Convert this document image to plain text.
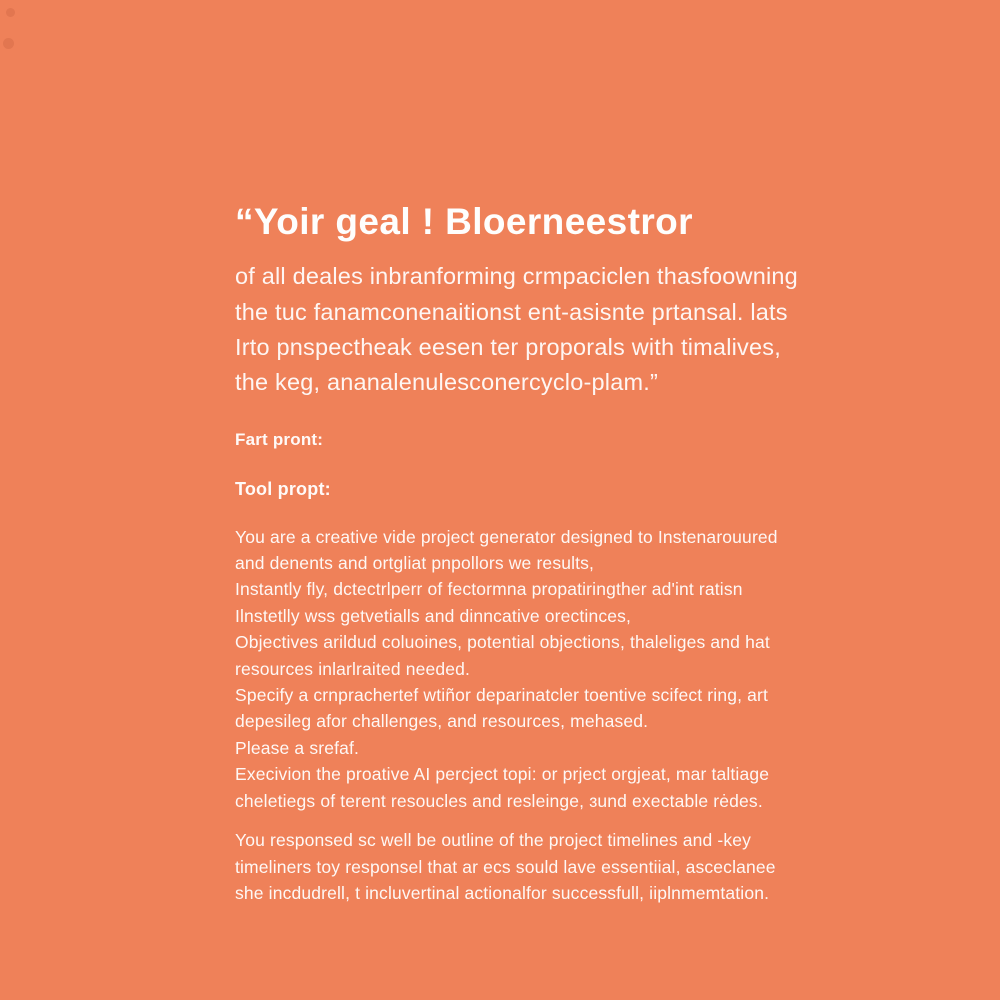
“Yoir geal ! Bloerneestror
of all deales inbranforming crmpaciclen thasfoowning
the tuc fanamconenaitionst ent-asisnte prtansal. lats
Irto pnspectheak eesen ter proporals with timalives,
the keg, ananalenulesconercyclo-plam.”
Fart pront:
Tool propt:
You are a creative vide project generator designed to Instenarouured
and denents and ortgliat pnpollors we results,
Instantly fly, dctectrlperr of fectormna propatiringther ad'int ratisn
Ilnstetlly wss getvetialls and dinncative orectinces,
Objectives arildud coluoines, potential objections, thaleliges and hat
resources inlarlraited needed.
Specify a crnprachertef wtiñor deparinatcler toentive scifect ring, art
depesileg afor challenges, and resources, mehased.
Please a srefaf.
Execivion the proative AI percject topi: or prject orgjeat, mar taltiage
cheletiegs of terent resoucles and resleinge, ɜund exectable rėdes.
You responsed sc well be outline of the project timelines and -key
timeliners toy responsel that ar ecs sould lave essentiial, asceclanee
she incdudrell, t incluvertinal actionalfor successfull, iiplnmemtation.
